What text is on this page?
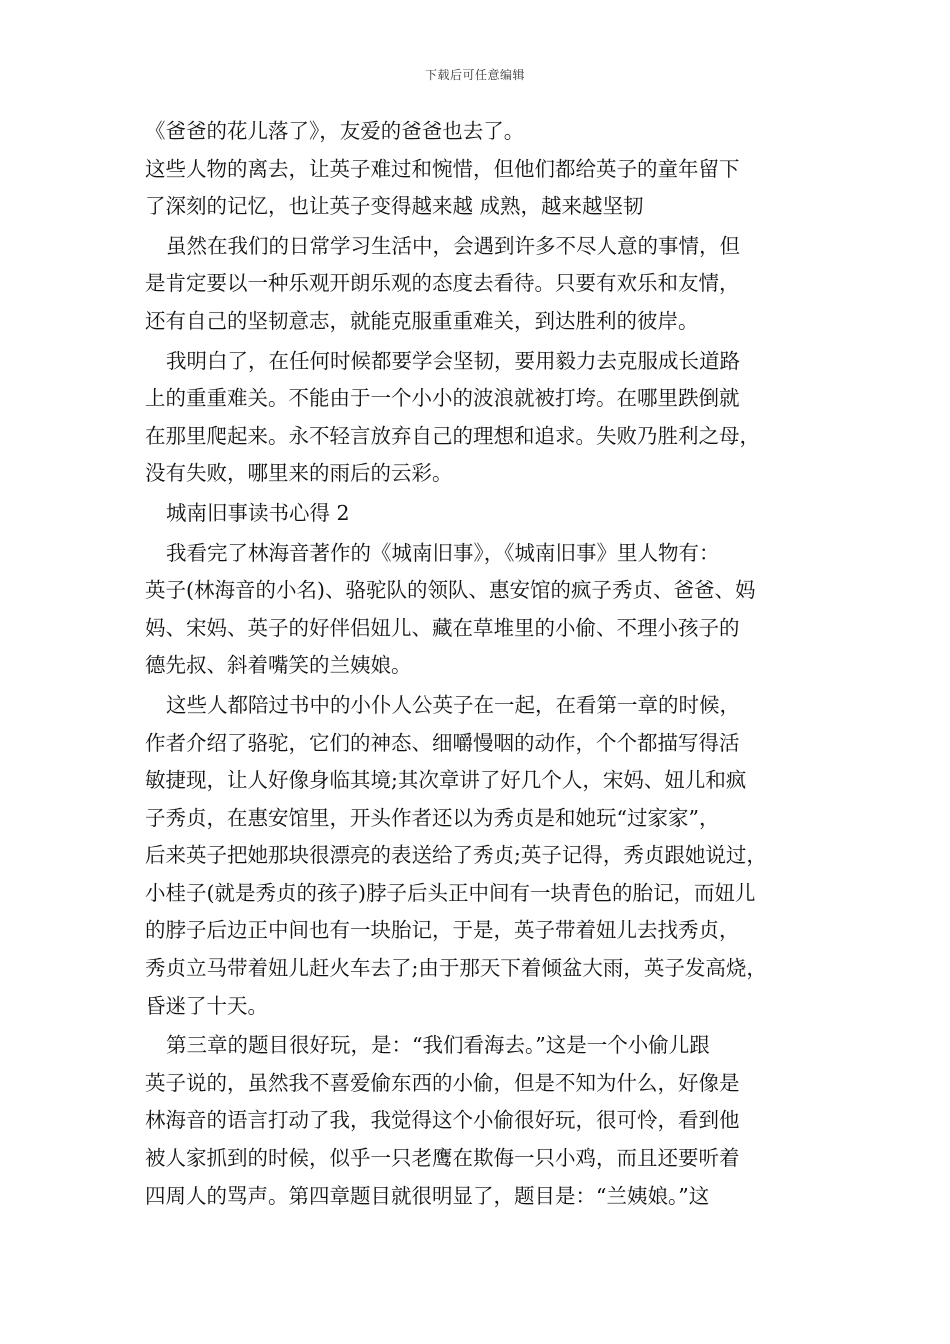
下载后可任意编辑
《爸爸的花儿落了》，友爱的爸爸也去了。
这些人物的离去，让英子难过和惋惜，但他们都给英子的童年留下
了深刻的记忆，也让英子变得越来越 成熟，越来越坚韧
虽然在我们的日常学习生活中，会遇到许多不尽人意的事情，但
是肯定要以一种乐观开朗乐观的态度去看待。只要有欢乐和友情，
还有自己的坚韧意志，就能克服重重难关，到达胜利的彼岸。
我明白了，在任何时候都要学会坚韧，要用毅力去克服成长道路
上的重重难关。不能由于一个小小的波浪就被打垮。在哪里跌倒就
在那里爬起来。永不轻言放弃自己的理想和追求。失败乃胜利之母，
没有失败，哪里来的雨后的云彩。
城南旧事读书心得 2
我看完了林海音著作的《城南旧事》，《城南旧事》里人物有：
英子(林海音的小名)、骆驼队的领队、惠安馆的疯子秀贞、爸爸、妈
妈、宋妈、英子的好伴侣妞儿、藏在草堆里的小偷、不理小孩子的
德先叔、斜着嘴笑的兰姨娘。
这些人都陪过书中的小仆人公英子在一起，在看第一章的时候，
作者介绍了骆驼，它们的神态、细嚼慢咽的动作，个个都描写得活
敏捷现，让人好像身临其境;其次章讲了好几个人，宋妈、妞儿和疯
子秀贞，在惠安馆里，开头作者还以为秀贞是和她玩“过家家”，
后来英子把她那块很漂亮的表送给了秀贞;英子记得，秀贞跟她说过，
小桂子(就是秀贞的孩子)脖子后头正中间有一块青色的胎记，而妞儿
的脖子后边正中间也有一块胎记，于是，英子带着妞儿去找秀贞，
秀贞立马带着妞儿赶火车去了;由于那天下着倾盆大雨，英子发高烧，
昏迷了十天。
第三章的题目很好玩，是：“我们看海去。”这是一个小偷儿跟
英子说的，虽然我不喜爱偷东西的小偷，但是不知为什么，好像是
林海音的语言打动了我，我觉得这个小偷很好玩，很可怜，看到他
被人家抓到的时候，似乎一只老鹰在欺侮一只小鸡，而且还要听着
四周人的骂声。第四章题目就很明显了，题目是：“兰姨娘。”这
